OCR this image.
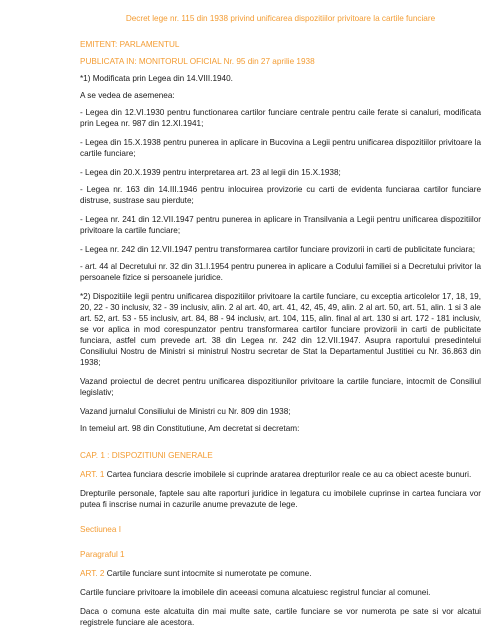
Decret lege nr. 115 din 1938 privind unificarea dispozitiilor privitoare la cartile funciare

EMITENT: PARLAMENTUL

PUBLICATA IN: MONITORUL OFICIAL Nr. 95 din 27 aprilie 1938

*1) Modificata prin Legea din 14.VIII.1940.

A se vedea de asemenea:

- Legea din 12.VI.1930 pentru functionarea cartilor funciare centrale pentru caile ferate si canaluri, modificata prin Legea nr. 987 din 12.XI.1941;

- Legea din 15.X.1938 pentru punerea in aplicare in Bucovina a Legii pentru unificarea dispozitiilor privitoare la cartile funciare;

- Legea din 20.X.1939 pentru interpretarea art. 23 al legii din 15.X.1938;

- Legea nr. 163 din 14.III.1946 pentru inlocuirea provizorie cu carti de evidenta funciaraa cartilor funciare distruse, sustrase sau pierdute;

- Legea nr. 241 din 12.VII.1947 pentru punerea in aplicare in Transilvania a Legii pentru unificarea dispozitiilor privitoare la cartile funciare;

- Legea nr. 242 din 12.VII.1947 pentru transformarea cartilor funciare provizorii in carti de publicitate funciara;

- art. 44 al Decretului nr. 32 din 31.I.1954 pentru punerea in aplicare a Codului familiei si a Decretului privitor la persoanele fizice si persoanele juridice.

*2) Dispozitiile legii pentru unificarea dispozitiilor privitoare la cartile funciare, cu exceptia articolelor 17, 18, 19, 20, 22 - 30 inclusiv, 32 - 39 inclusiv, alin. 2 al art. 40, art. 41, 42, 45, 49, alin. 2 al art. 50, art. 51, alin. 1 si 3 ale art. 52, art. 53 - 55 inclusiv, art. 84, 88 - 94 inclusiv, art. 104, 115, alin. final al art. 130 si art. 172 - 181 inclusiv, se vor aplica in mod corespunzator pentru transformarea cartilor funciare provizorii in carti de publicitate funciara, astfel cum prevede art. 38 din Legea nr. 242 din 12.VII.1947. Asupra raportului presedintelui Consiliului Nostru de Ministri si ministrul Nostru secretar de Stat la Departamentul Justitiei cu Nr. 36.863 din 1938;

Vazand proiectul de decret pentru unificarea dispozitiunilor privitoare la cartile funciare, intocmit de Consiliul legislativ;

Vazand jurnalul Consiliului de Ministri cu Nr. 809 din 1938;

In temeiul art. 98 din Constitutiune, Am decretat si decretam:

CAP. 1 : DISPOZITIUNI GENERALE

ART. 1 Cartea funciara descrie imobilele si cuprinde aratarea drepturilor reale ce au ca obiect aceste bunuri.

Drepturile personale, faptele sau alte raporturi juridice in legatura cu imobilele cuprinse in cartea funciara vor putea fi inscrise numai in cazurile anume prevazute de lege.

Sectiunea I

Paragraful 1

ART. 2 Cartile funciare sunt intocmite si numerotate pe comune.

Cartile funciare privitoare la imobilele din aceeasi comuna alcatuiesc registrul funciar al comunei.

Daca o comuna este alcatuita din mai multe sate, cartile funciare se vor numerota pe sate si vor alcatui registrele funciare ale acestora.
